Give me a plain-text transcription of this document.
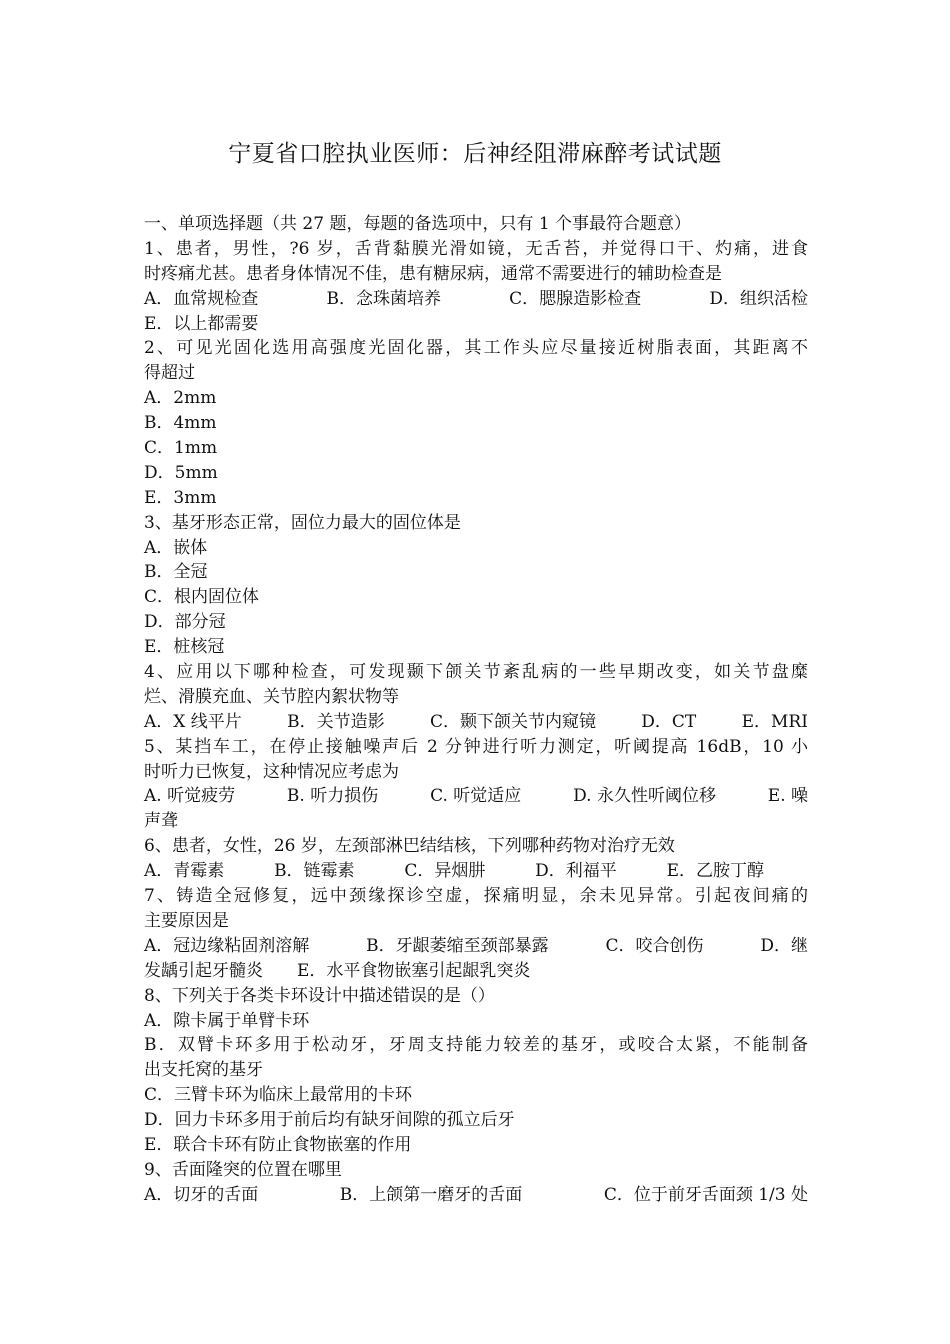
宁夏省口腔执业医师：后神经阻滞麻醉考试试题
一、单项选择题（共 27 题，每题的备选项中，只有 1 个事最符合题意）
1、患者，男性，?6 岁，舌背黏膜光滑如镜，无舌苔，并觉得口干、灼痛，进食
时疼痛尤甚。患者身体情况不佳，患有糖尿病，通常不需要进行的辅助检查是
A．血常规检查	B．念珠菌培养	C．腮腺造影检查	D．组织活检
E．以上都需要
2、可见光固化选用高强度光固化器，其工作头应尽量接近树脂表面，其距离不
得超过
A．2mm
B．4mm
C．1mm
D．5mm
E．3mm
3、基牙形态正常，固位力最大的固位体是
A．嵌体
B．全冠
C．根内固位体
D．部分冠
E．桩核冠
4、应用以下哪种检查，可发现颞下颌关节紊乱病的一些早期改变，如关节盘糜
烂、滑膜充血、关节腔内絮状物等
A．X 线平片	B．关节造影	C．颞下颌关节内窥镜	D．CT	E．MRI
5、某挡车工，在停止接触噪声后 2 分钟进行听力测定，听阈提高 16dB，10 小
时听力已恢复，这种情况应考虑为
A. 听觉疲劳	B. 听力损伤	C. 听觉适应	D. 永久性听阈位移	E. 噪
声聋
6、患者，女性，26 岁，左颈部淋巴结结核，下列哪种药物对治疗无效
A．青霉素	B．链霉素	C．异烟肼	D．利福平	E．乙胺丁醇
7、铸造全冠修复，远中颈缘探诊空虚，探痛明显，余未见异常。引起夜间痛的
主要原因是
A．冠边缘粘固剂溶解	B．牙龈萎缩至颈部暴露	C．咬合创伤	D．继
发龋引起牙髓炎　　E．水平食物嵌塞引起龈乳突炎
8、下列关于各类卡环设计中描述错误的是（）
A．隙卡属于单臂卡环
B．双臂卡环多用于松动牙，牙周支持能力较差的基牙，或咬合太紧，不能制备
出支托窝的基牙
C．三臂卡环为临床上最常用的卡环
D．回力卡环多用于前后均有缺牙间隙的孤立后牙
E．联合卡环有防止食物嵌塞的作用
9、舌面隆突的位置在哪里
A．切牙的舌面	B．上颌第一磨牙的舌面	C．位于前牙舌面颈 1/3 处
